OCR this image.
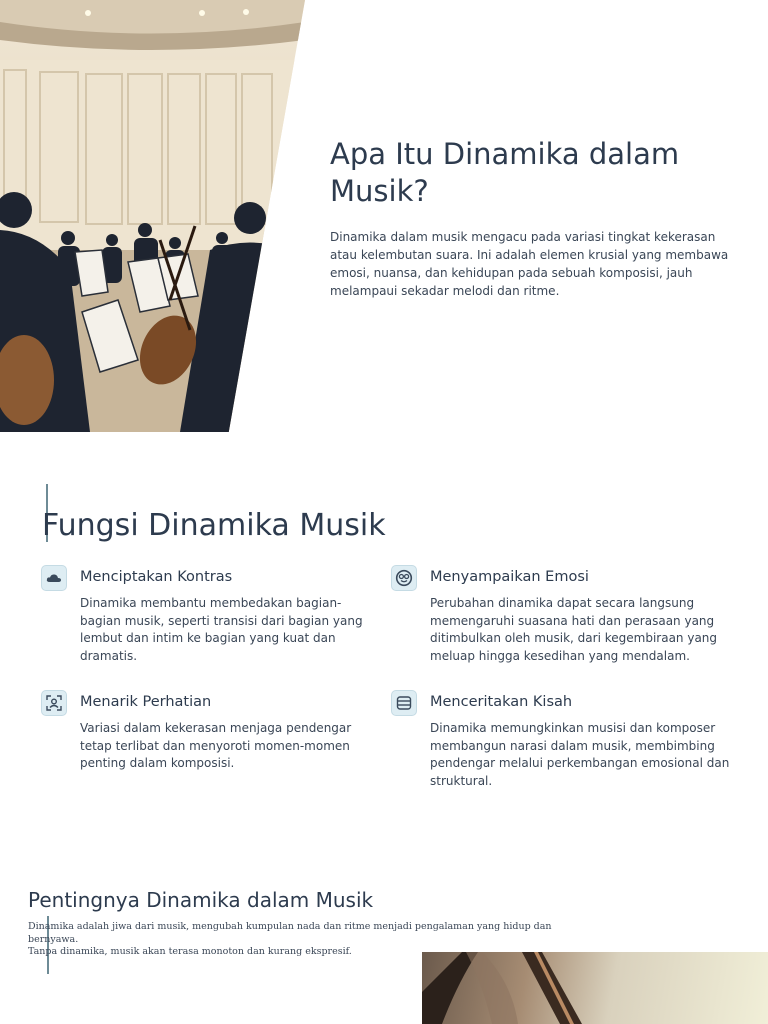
Apa Itu Dinamika dalam Musik?

Dinamika dalam musik mengacu pada variasi tingkat kekerasan atau kelembutan suara. Ini adalah elemen krusial yang membawa emosi, nuansa, dan kehidupan pada sebuah komposisi, jauh melampaui sekadar melodi dan ritme.

Fungsi Dinamika Musik
Menciptakan Kontras

Dinamika membantu membedakan bagian-bagian musik, seperti transisi dari bagian yang lembut dan intim ke bagian yang kuat dan dramatis.

Menyampaikan Emosi

Perubahan dinamika dapat secara langsung memengaruhi suasana hati dan perasaan yang ditimbulkan oleh musik, dari kegembiraan yang meluap hingga kesedihan yang mendalam.

Menarik Perhatian

Variasi dalam kekerasan menjaga pendengar tetap terlibat dan menyoroti momen-momen penting dalam komposisi.

Menceritakan Kisah

Dinamika memungkinkan musisi dan komposer membangun narasi dalam musik, membimbing pendengar melalui perkembangan emosional dan struktural.

Pentingnya Dinamika dalam Musik
Dinamika adalah jiwa dari musik, mengubah kumpulan nada dan ritme menjadi pengalaman yang hidup dan bernyawa.
Tanpa dinamika, musik akan terasa monoton dan kurang ekspresif.
